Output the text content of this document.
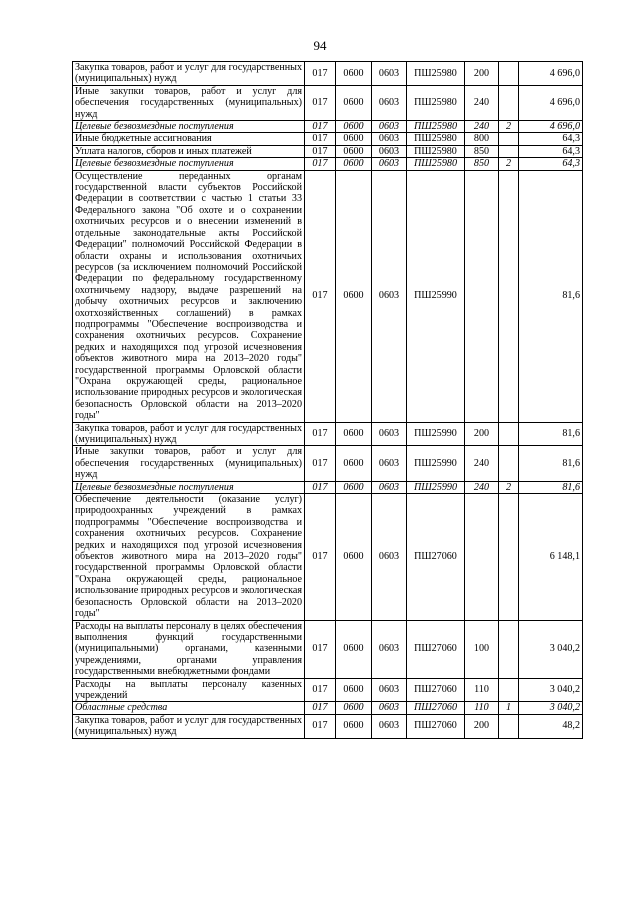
94
Закупка товаров, работ и услуг для государственных (муниципальных) нужд	017	0600	0603	ПШ25980	200		4 696,0
Иные закупки товаров, работ и услуг для обеспечения государственных (муниципальных) нужд	017	0600	0603	ПШ25980	240		4 696,0
Целевые безвозмездные поступления	017	0600	0603	ПШ25980	240	2	4 696,0
Иные бюджетные ассигнования	017	0600	0603	ПШ25980	800		64,3
Уплата налогов, сборов и иных платежей	017	0600	0603	ПШ25980	850		64,3
Целевые безвозмездные поступления	017	0600	0603	ПШ25980	850	2	64,3
Осуществление переданных органам государственной власти субъектов Российской Федерации в соответствии с частью 1 статьи 33 Федерального закона "Об охоте и о сохранении охотничьих ресурсов и о внесении изменений в отдельные законодательные акты Российской Федерации" полномочий Российской Федерации в области охраны и использования охотничьих ресурсов (за исключением полномочий Российской Федерации по федеральному государственному охотничьему надзору, выдаче разрешений на добычу охотничьих ресурсов и заключению охотхозяйственных соглашений) в рамках подпрограммы "Обеспечение воспроизводства и сохранения охотничьих ресурсов. Сохранение редких и находящихся под угрозой исчезновения объектов животного мира на 2013–2020 годы" государственной программы Орловской области "Охрана окружающей среды, рациональное использование природных ресурсов и экологическая безопасность Орловской области на 2013–2020 годы"	017	0600	0603	ПШ25990			81,6
Закупка товаров, работ и услуг для государственных (муниципальных) нужд	017	0600	0603	ПШ25990	200		81,6
Иные закупки товаров, работ и услуг для обеспечения государственных (муниципальных) нужд	017	0600	0603	ПШ25990	240		81,6
Целевые безвозмездные поступления	017	0600	0603	ПШ25990	240	2	81,6
Обеспечение деятельности (оказание услуг) природоохранных учреждений в рамках подпрограммы "Обеспечение воспроизводства и сохранения охотничьих ресурсов. Сохранение редких и находящихся под угрозой исчезновения объектов животного мира на 2013–2020 годы" государственной программы Орловской области "Охрана окружающей среды, рациональное использование природных ресурсов и экологическая безопасность Орловской области на 2013–2020 годы"	017	0600	0603	ПШ27060			6 148,1
Расходы на выплаты персоналу в целях обеспечения выполнения функций государственными (муниципальными) органами, казенными учреждениями, органами управления государственными внебюджетными фондами	017	0600	0603	ПШ27060	100		3 040,2
Расходы на выплаты персоналу казенных учреждений	017	0600	0603	ПШ27060	110		3 040,2
Областные средства	017	0600	0603	ПШ27060	110	1	3 040,2
Закупка товаров, работ и услуг для государственных (муниципальных) нужд	017	0600	0603	ПШ27060	200		48,2
